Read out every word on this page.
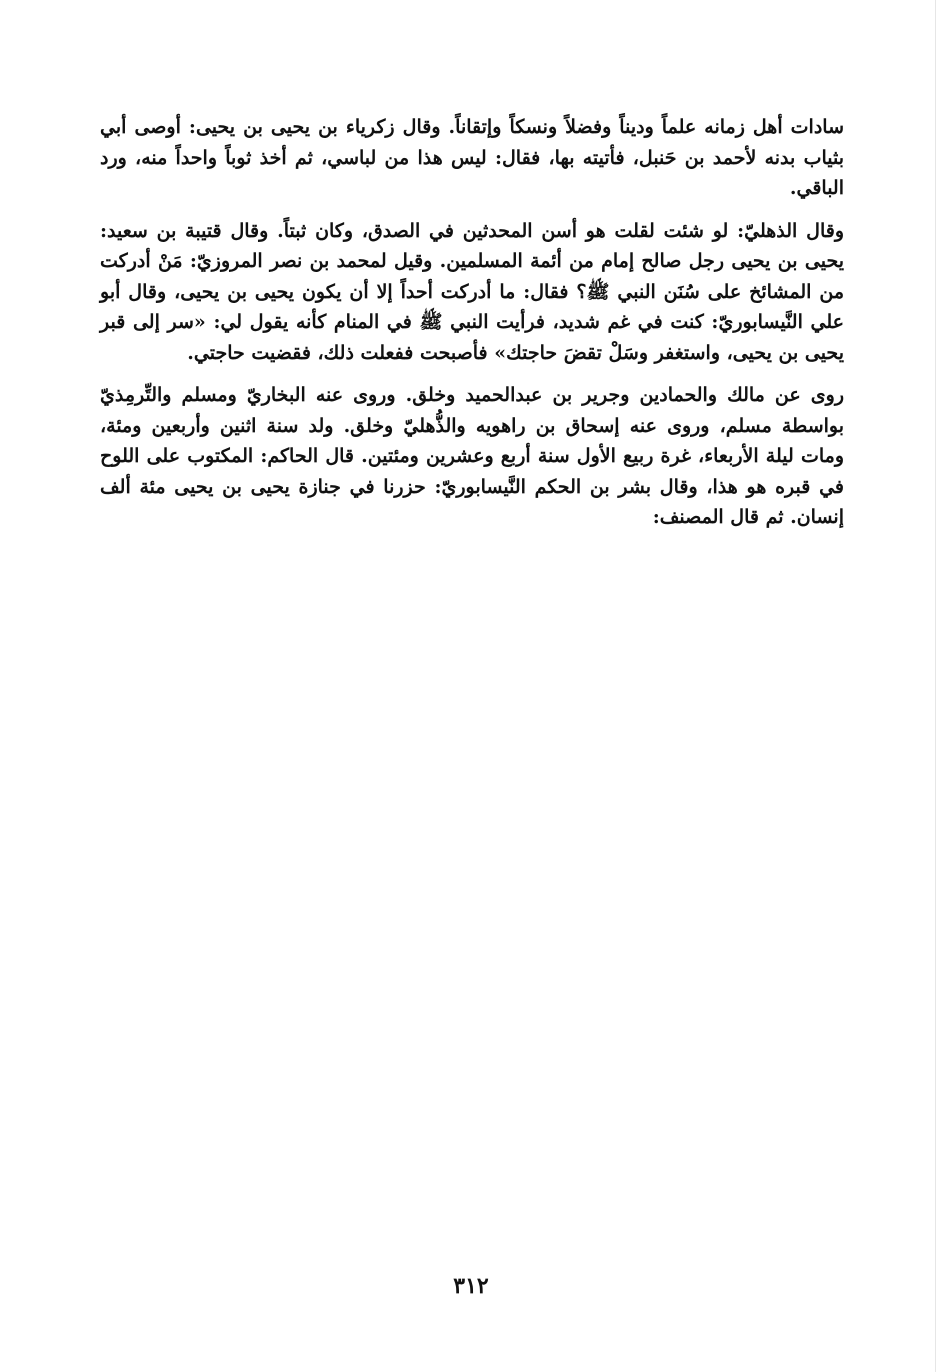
سادات أهل زمانه علماً وديناً وفضلاً ونسكاً وإتقاناً. وقال زكرياء بن يحيى بن يحيى: أوصى أبي بثياب بدنه لأحمد بن حَنبل، فأتيته بها، فقال: ليس هذا من لباسي، ثم أخذ ثوباً واحداً منه، ورد الباقي.

وقال الذهليّ: لو شئت لقلت هو أسن المحدثين في الصدق، وكان ثبتاً. وقال قتيبة بن سعيد: يحيى بن يحيى رجل صالح إمام من أئمة المسلمين. وقيل لمحمد بن نصر المروزيّ: مَنْ أدركت من المشائخ على سُنَن النبي ﷺ؟ فقال: ما أدركت أحداً إلا أن يكون يحيى بن يحيى، وقال أبو علي النَّيسابوريّ: كنت في غم شديد، فرأيت النبي ﷺ في المنام كأنه يقول لي: «سر إلى قبر يحيى بن يحيى، واستغفر وسَلْ تقضَ حاجتك» فأصبحت ففعلت ذلك، فقضيت حاجتي.

روى عن مالك والحمادين وجرير بن عبدالحميد وخلق. وروى عنه البخاريّ ومسلم والتِّرمِذيّ بواسطة مسلم، وروى عنه إسحاق بن راهويه والذُّهليّ وخلق. ولد سنة اثنين وأربعين ومئة، ومات ليلة الأربعاء، غرة ربيع الأول سنة أربع وعشرين ومئتين. قال الحاكم: المكتوب على اللوح في قبره هو هذا، وقال بشر بن الحكم النَّيسابوريّ: حزرنا في جنازة يحيى بن يحيى مئة ألف إنسان. ثم قال المصنف:

٣١٢
